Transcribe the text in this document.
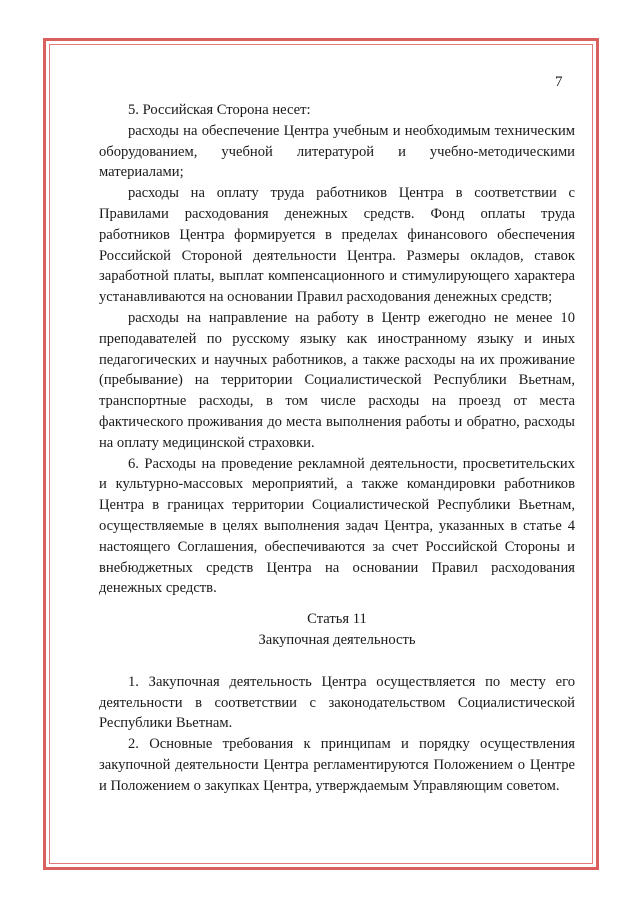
7

5. Российская Сторона несет:

расходы на обеспечение Центра учебным и необходимым техническим оборудованием, учебной литературой и учебно-методическими материалами;

расходы на оплату труда работников Центра в соответствии с Правилами расходования денежных средств. Фонд оплаты труда работников Центра формируется в пределах финансового обеспечения Российской Стороной деятельности Центра. Размеры окладов, ставок заработной платы, выплат компенсационного и стимулирующего характера устанавливаются на основании Правил расходования денежных средств;

расходы на направление на работу в Центр ежегодно не менее 10 преподавателей по русскому языку как иностранному языку и иных педагогических и научных работников, а также расходы на их проживание (пребывание) на территории Социалистической Республики Вьетнам, транспортные расходы, в том числе расходы на проезд от места фактического проживания до места выполнения работы и обратно, расходы на оплату медицинской страховки.

6. Расходы на проведение рекламной деятельности, просветительских и культурно-массовых мероприятий, а также командировки работников Центра в границах территории Социалистической Республики Вьетнам, осуществляемые в целях выполнения задач Центра, указанных в статье 4 настоящего Соглашения, обеспечиваются за счет Российской Стороны и внебюджетных средств Центра на основании Правил расходования денежных средств.

Статья 11
Закупочная деятельность

1. Закупочная деятельность Центра осуществляется по месту его деятельности в соответствии с законодательством Социалистической Республики Вьетнам.

2. Основные требования к принципам и порядку осуществления закупочной деятельности Центра регламентируются Положением о Центре и Положением о закупках Центра, утверждаемым Управляющим советом.
